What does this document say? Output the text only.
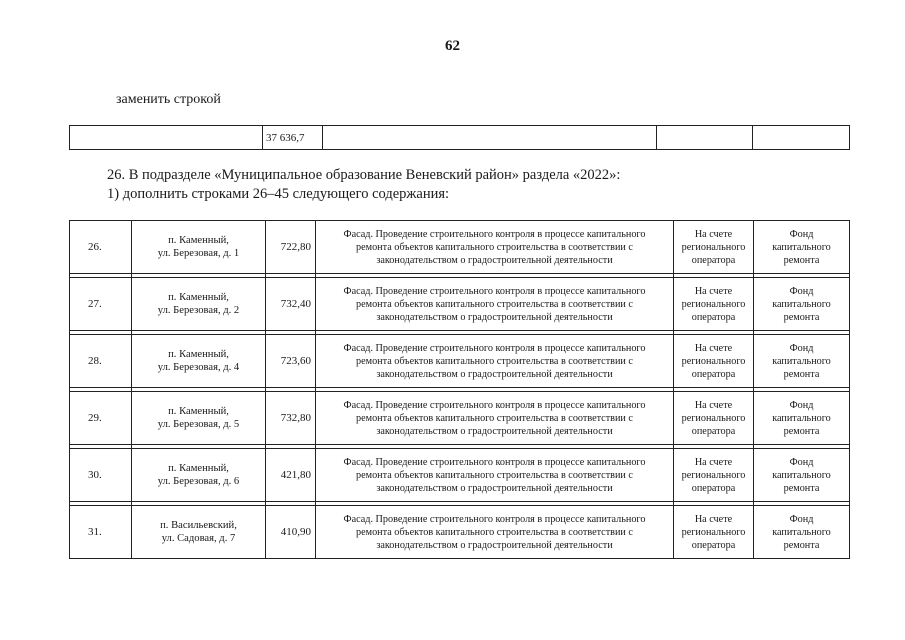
62
заменить строкой
	37 636,7			
26. В подразделе «Муниципальное образование Веневский район» раздела «2022»:
1) дополнить строками 26–45 следующего содержания:
26.	п. Каменный,
ул. Березовая, д. 1	722,80	Фасад. Проведение строительного контроля в процессе капитального
ремонта объектов капитального строительства в соответствии с
законодательством о градостроительной деятельности	На счете
регионального
оператора	Фонд
капитального
ремонта

27.	п. Каменный,
ул. Березовая, д. 2	732,40	Фасад. Проведение строительного контроля в процессе капитального
ремонта объектов капитального строительства в соответствии с
законодательством о градостроительной деятельности	На счете
регионального
оператора	Фонд
капитального
ремонта

28.	п. Каменный,
ул. Березовая, д. 4	723,60	Фасад. Проведение строительного контроля в процессе капитального
ремонта объектов капитального строительства в соответствии с
законодательством о градостроительной деятельности	На счете
регионального
оператора	Фонд
капитального
ремонта

29.	п. Каменный,
ул. Березовая, д. 5	732,80	Фасад. Проведение строительного контроля в процессе капитального
ремонта объектов капитального строительства в соответствии с
законодательством о градостроительной деятельности	На счете
регионального
оператора	Фонд
капитального
ремонта

30.	п. Каменный,
ул. Березовая, д. 6	421,80	Фасад. Проведение строительного контроля в процессе капитального
ремонта объектов капитального строительства в соответствии с
законодательством о градостроительной деятельности	На счете
регионального
оператора	Фонд
капитального
ремонта

31.	п. Васильевский,
ул. Садовая, д. 7	410,90	Фасад. Проведение строительного контроля в процессе капитального
ремонта объектов капитального строительства в соответствии с
законодательством о градостроительной деятельности	На счете
регионального
оператора	Фонд
капитального
ремонта
